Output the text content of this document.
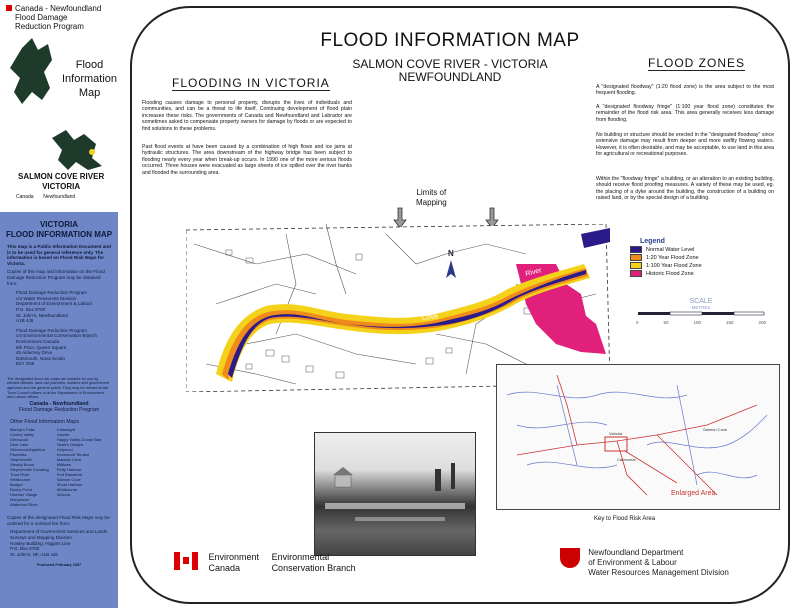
Canada - Newfoundland
Flood Damage
Reduction Program
Flood
Information
Map
SALMON COVE RIVER
VICTORIA
Canada Newfoundland
VICTORIA
FLOOD INFORMATION MAP
This map is a Public Information Document and is to be used for general reference only. The information is based on Flood Risk Maps for Victoria.
Copies of this map and information on the Flood Damage Reduction Program may be obtained from:
Flood Damage Reduction Program
c/o Water Resources Division
Department of Environment & Labour
P.O. Box 8700
St. John's, Newfoundland
A1B 4J6
Flood Damage Reduction Program
c/o Environmental Conservation Branch
Environment Canada
6th Floor, Queen Square,
45 Alderney Drive
Dartmouth, Nova Scotia
B2Y 2N6
The designated flood risk maps are suitable for use by elected officials, land use planners, builders and government agencies and the general public. They may be viewed at the Town Council offices or at the Department of Environment and Labour offices.
Canada - Newfoundland
Flood Damage Reduction Program
Other Flood Information Maps
Bishop's Falls
Cooley Valley
Glenwood
Deer Lake
Glenwood/Appleton
Placentia
Stephenville
Steady Brook
Stephenville Crossing
Trout River
Whitbourne
Badger
Rushy Pond
Humber Village
Marystown
Waterford River
Cartwright
Goulds
Happy Valley-Goose Bay
Heart's Delight
Holyrood
Kenmount Terrace
Maddox Cove
Milltown
Petty Harbour
Port Blandford
Salmon Cove
Shoal Harbour
Whitbourne
Victoria
Copies of the designated Flood Risk Maps may be ordered for a nominal fee from:
Department of Government Services and Lands
Surveys and Mapping Division
Howley Building, Higgins Line
P.O. Box 8700
St. John's, NF, A1B 4J6
Produced February 1997
FLOOD INFORMATION MAP
SALMON COVE RIVER - VICTORIA
NEWFOUNDLAND
FLOODING IN VICTORIA
Flooding causes damage to personal property, disrupts the lives of individuals and communities, and can be a threat to life itself. Continuing development of flood plain increases these risks. The governments of Canada and Newfoundland and Labrador are sometimes asked to compensate property owners for damage by floods or are expected to find solutions to these problems.
Past flood events at have been caused by a combination of high flows and ice jams at hydraulic structures. The area downstream of the highway bridge has been subject to flooding nearly every year when break-up occurs. In 1990 one of the more serious floods occurred. Three houses were evacuated as large sheets of ice spilled over the river banks and flooded the surrounding area.
FLOOD ZONES
A "designated floodway" (1:20 flood zone) is the area subject to the most frequent flooding.
A "designated floodway fringe" (1:100 year flood zone) constitutes the remainder of the flood risk area. This area generally receives less damage from flooding.
No building or structure should be erected in the "designated floodway" since extensive damage may result from deeper and more swiftly flowing waters. However, it is often desirable, and may be acceptable, to use land in this area for agricultural or recreational purposes.
Within the "floodway fringe" a building, or an alteration to an existing building, should receive flood proofing measures. A variety of these may be used, eg. the placing of a dyke around the building, the construction of a building on raised land, or by the special design of a building.
Limits of
Mapping
Salmon
Cove
River
N
Legend
Normal Water Level
1:20 Year Flood Zone
1:100 Year Flood Zone
Historic Flood Zone
SCALE
METRES
0	50	100	150	200
Enlarged Area
Salmon Cove
Victoria
Carbonear
Key to Flood Risk Area

Environment
Canada

Environmental
Conservation Branch

Newfoundland Department
of Environment & Labour
Water Resources Management Division
